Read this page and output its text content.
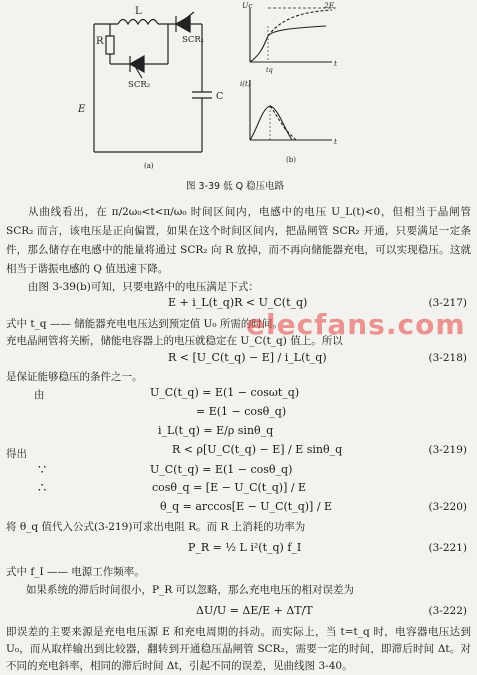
E
L
R	SCR₁
SCR₂
C
(a)
Uc	2E
t
tq
i(t)
t
(b)
图 3-39 低 Q 稳压电路
从曲线看出，在 π/2ω₀<t<π/ω₀ 时间区间内，电感中的电压 U_L(t)<0，但相当于晶闸管 SCR₂ 而言，该电压是正向偏置，如果在这个时间区间内，把晶闸管 SCR₂ 开通，只要满足一定条件，那么储存在电感中的能量将通过 SCR₂ 向 R 放掉，而不再向储能器充电，可以实现稳压。这就相当于谐振电感的 Q 值迅速下降。
由图 3-39(b)可知，只要电路中的电压满足下式：
E + i_L(t_q)R < U_C(t_q)	(3-217)
式中 t_q —— 储能器充电电压达到预定值 U₀ 所需的时间。
充电晶闸管将关断，储能电容器上的电压就稳定在 U_C(t_q) 值上。所以
R < [U_C(t_q) − E] / i_L(t_q)	(3-218)
是保证能够稳压的条件之一。
由	U_C(t_q) = E(1 − cosωt_q)
= E(1 − cosθ_q)
i_L(t_q) = E/ρ sinθ_q
得出	R < ρ[U_C(t_q) − E] / E sinθ_q	(3-219)
∵	U_C(t_q) = E(1 − cosθ_q)
∴	cosθ_q = [E − U_C(t_q)] / E
θ_q = arccos[E − U_C(t_q)] / E	(3-220)
将 θ_q 值代入公式(3-219)可求出电阻 R。而 R 上消耗的功率为
P_R = ½ L i²(t_q) f_I	(3-221)
式中 f_I —— 电源工作频率。
如果系统的滞后时间很小，P_R 可以忽略，那么充电电压的相对误差为
ΔU/U = ΔE/E + ΔT/T	(3-222)
即误差的主要来源是充电电压源 E 和充电周期的抖动。而实际上，当 t=t_q 时，电容器电压达到 U₀，而从取样输出到比较器，翻转到开通稳压晶闸管 SCR₂，需要一定的时间，即滞后时间 Δt。对不同的充电斜率，相同的滞后时间 Δt，引起不同的误差，见曲线图 3-40。
elecfans.com
